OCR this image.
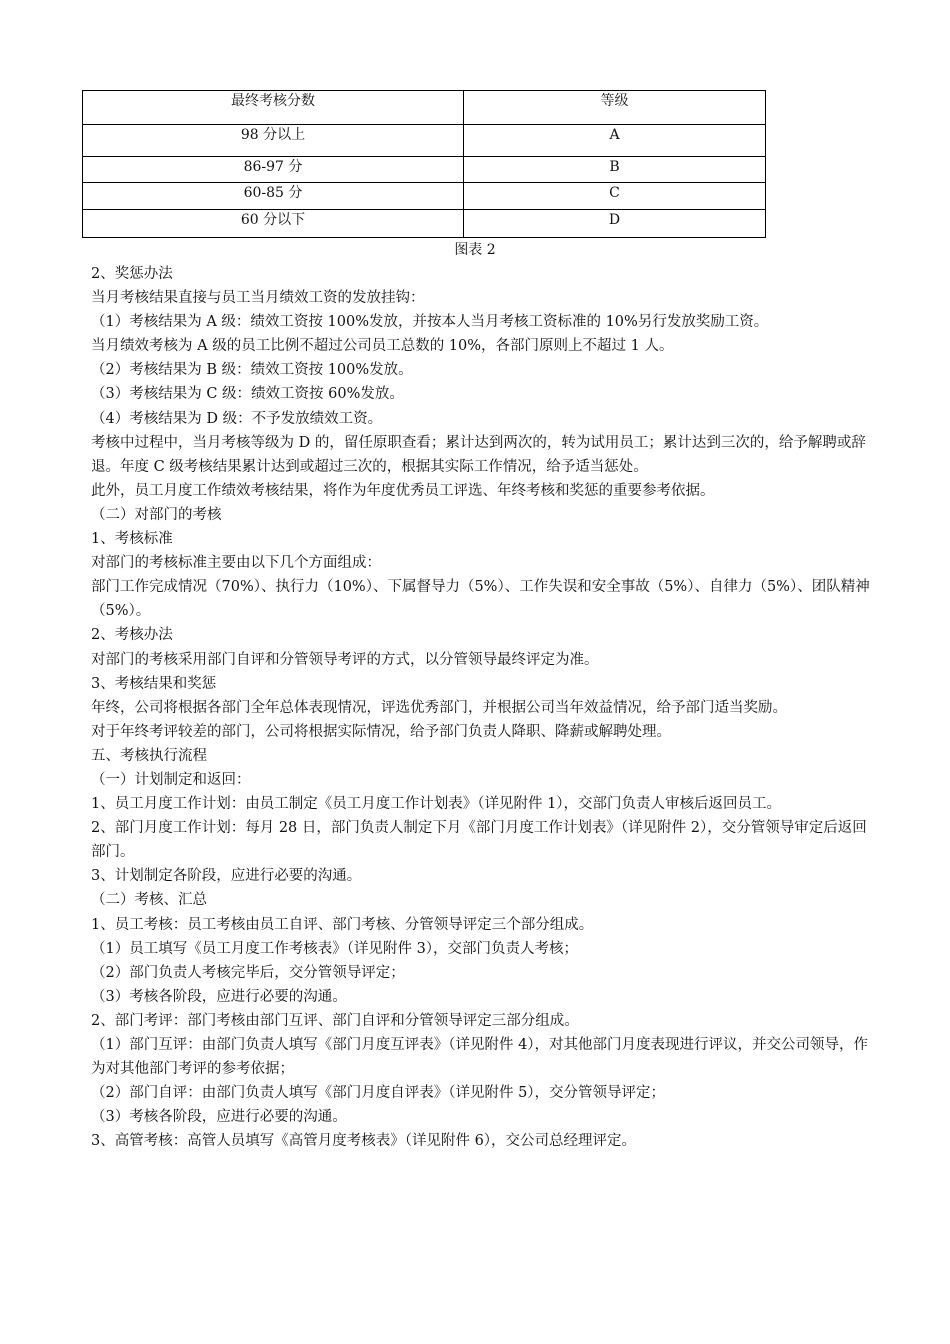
最终考核分数	等级
98 分以上	A
86-97 分	B
60-85 分	C
60 分以下	D
图表 2

2、奖惩办法

当月考核结果直接与员工当月绩效工资的发放挂钩：

（1）考核结果为 A 级：绩效工资按 100%发放，并按本人当月考核工资标准的 10%另行发放奖励工资。

当月绩效考核为 A 级的员工比例不超过公司员工总数的 10%，各部门原则上不超过 1 人。

（2）考核结果为 B 级：绩效工资按 100%发放。

（3）考核结果为 C 级：绩效工资按 60%发放。

（4）考核结果为 D 级：不予发放绩效工资。

考核中过程中，当月考核等级为 D 的，留任原职查看；累计达到两次的，转为试用员工；累计达到三次的，给予解聘或辞退。年度 C 级考核结果累计达到或超过三次的，根据其实际工作情况，给予适当惩处。

此外，员工月度工作绩效考核结果，将作为年度优秀员工评选、年终考核和奖惩的重要参考依据。

（二）对部门的考核

1、考核标准

对部门的考核标准主要由以下几个方面组成：

部门工作完成情况（70%）、执行力（10%）、下属督导力（5%）、工作失误和安全事故（5%）、自律力（5%）、团队精神（5%）。

2、考核办法

对部门的考核采用部门自评和分管领导考评的方式，以分管领导最终评定为准。

3、考核结果和奖惩

年终，公司将根据各部门全年总体表现情况，评选优秀部门，并根据公司当年效益情况，给予部门适当奖励。

对于年终考评较差的部门，公司将根据实际情况，给予部门负责人降职、降薪或解聘处理。

五、考核执行流程

（一）计划制定和返回：

1、员工月度工作计划：由员工制定《员工月度工作计划表》（详见附件 1），交部门负责人审核后返回员工。

2、部门月度工作计划：每月 28 日，部门负责人制定下月《部门月度工作计划表》（详见附件 2），交分管领导审定后返回部门。

3、计划制定各阶段，应进行必要的沟通。

（二）考核、汇总

1、员工考核：员工考核由员工自评、部门考核、分管领导评定三个部分组成。

（1）员工填写《员工月度工作考核表》（详见附件 3），交部门负责人考核；

（2）部门负责人考核完毕后，交分管领导评定；

（3）考核各阶段，应进行必要的沟通。

2、部门考评：部门考核由部门互评、部门自评和分管领导评定三部分组成。

（1）部门互评：由部门负责人填写《部门月度互评表》（详见附件 4），对其他部门月度表现进行评议，并交公司领导，作为对其他部门考评的参考依据；

（2）部门自评：由部门负责人填写《部门月度自评表》（详见附件 5），交分管领导评定；

（3）考核各阶段，应进行必要的沟通。

3、高管考核：高管人员填写《高管月度考核表》（详见附件 6），交公司总经理评定。
